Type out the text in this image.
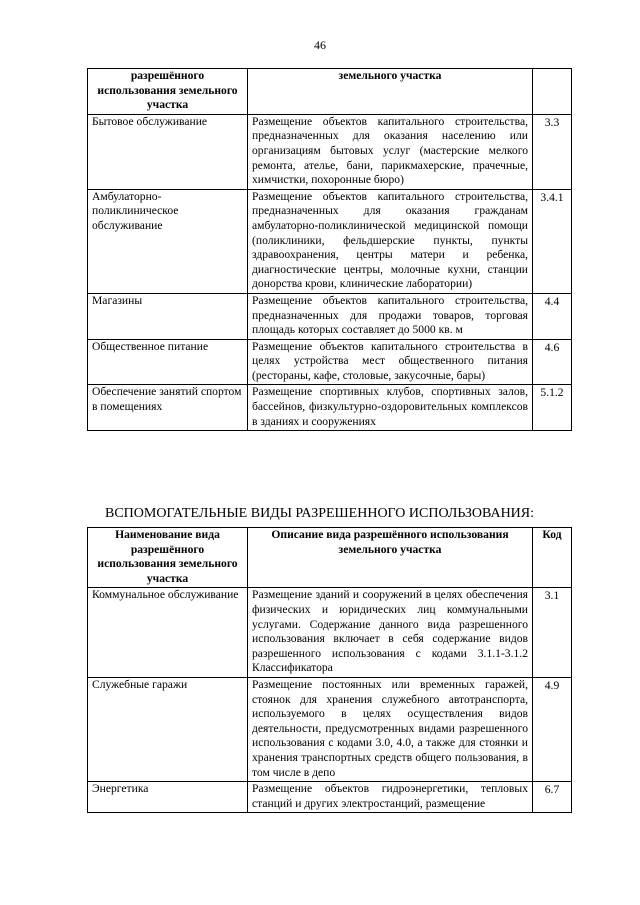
46
разрешённого использования земельного участка	земельного участка	
Бытовое обслуживание	Размещение объектов капитального строительства, предназначенных для оказания населению или организациям бытовых услуг (мастерские мелкого ремонта, ателье, бани, парикмахерские, прачечные, химчистки, похоронные бюро)	3.3
Амбулаторно-поликлиническое обслуживание	Размещение объектов капитального строительства, предназначенных для оказания гражданам амбулаторно-поликлинической медицинской помощи (поликлиники, фельдшерские пункты, пункты здравоохранения, центры матери и ребенка, диагностические центры, молочные кухни, станции донорства крови, клинические лаборатории)	3.4.1
Магазины	Размещение объектов капитального строительства, предназначенных для продажи товаров, торговая площадь которых составляет до 5000 кв. м	4.4
Общественное питание	Размещение объектов капитального строительства в целях устройства мест общественного питания (рестораны, кафе, столовые, закусочные, бары)	4.6
Обеспечение занятий спортом в помещениях	Размещение спортивных клубов, спортивных залов, бассейнов, физкультурно-оздоровительных комплексов в зданиях и сооружениях	5.1.2
ВСПОМОГАТЕЛЬНЫЕ ВИДЫ РАЗРЕШЕННОГО ИСПОЛЬЗОВАНИЯ:
Наименование вида разрешённого использования земельного участка	Описание вида разрешённого использования земельного участка	Код
Коммунальное обслуживание	Размещение зданий и сооружений в целях обеспечения физических и юридических лиц коммунальными услугами. Содержание данного вида разрешенного использования включает в себя содержание видов разрешенного использования с кодами 3.1.1-3.1.2 Классификатора	3.1
Служебные гаражи	Размещение постоянных или временных гаражей, стоянок для хранения служебного автотранспорта, используемого в целях осуществления видов деятельности, предусмотренных видами разрешенного использования с кодами 3.0, 4.0, а также для стоянки и хранения транспортных средств общего пользования, в том числе в депо	4.9
Энергетика	Размещение объектов гидроэнергетики, тепловых станций и других электростанций, размещение	6.7
